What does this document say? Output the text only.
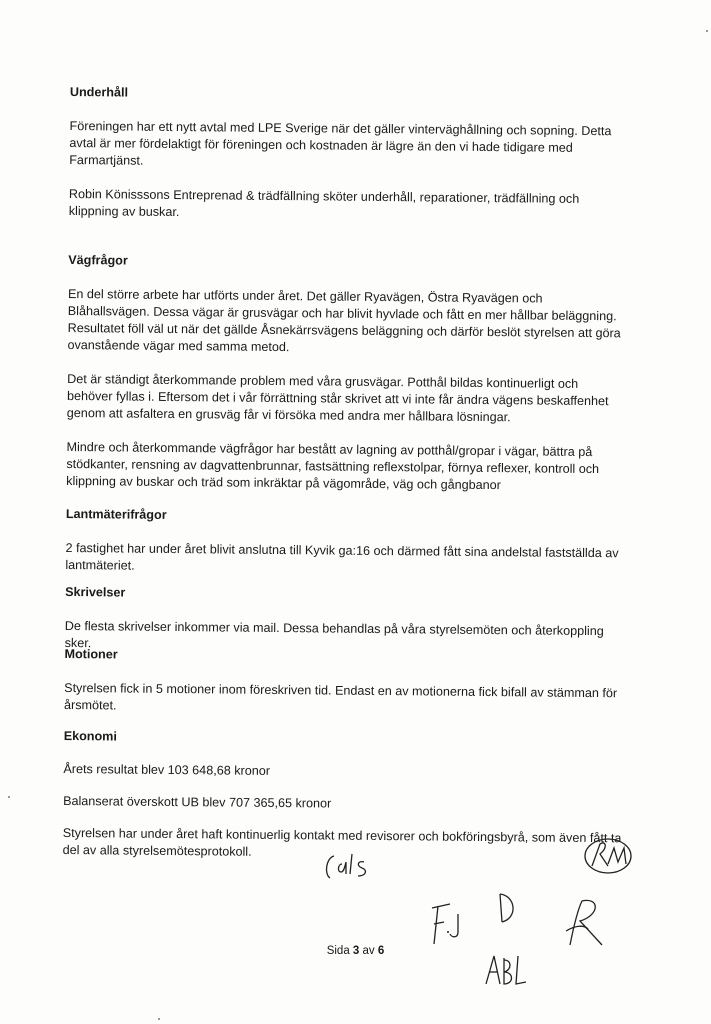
Underhåll

Föreningen har ett nytt avtal med LPE Sverige när det gäller vinterväghållning och sopning. Detta avtal är mer fördelaktigt för föreningen och kostnaden är lägre än den vi hade tidigare med Farmartjänst.

Robin Könisssons Entreprenad & trädfällning sköter underhåll, reparationer, trädfällning och klippning av buskar.

Vägfrågor

En del större arbete har utförts under året. Det gäller Ryavägen, Östra Ryavägen och Blåhallsvägen. Dessa vägar är grusvägar och har blivit hyvlade och fått en mer hållbar beläggning. Resultatet föll väl ut när det gällde Åsnekärrsvägens beläggning och därför beslöt styrelsen att göra ovanstående vägar med samma metod.

Det är ständigt återkommande problem med våra grusvägar. Potthål bildas kontinuerligt och behöver fyllas i. Eftersom det i vår förrättning står skrivet att vi inte får ändra vägens beskaffenhet genom att asfaltera en grusväg får vi försöka med andra mer hållbara lösningar.

Mindre och återkommande vägfrågor har bestått av lagning av potthål/gropar i vägar, bättra på stödkanter, rensning av dagvattenbrunnar, fastsättning reflexstolpar, förnya reflexer, kontroll och klippning av buskar och träd som inkräktar på vägområde, väg och gångbanor

Lantmäterifrågor

2 fastighet har under året blivit anslutna till Kyvik ga:16 och därmed fått sina andelstal fastställda av lantmäteriet.

Skrivelser

De flesta skrivelser inkommer via mail. Dessa behandlas på våra styrelsemöten och återkoppling sker.

Motioner

Styrelsen fick in 5 motioner inom föreskriven tid. Endast en av motionerna fick bifall av stämman för årsmötet.

Ekonomi

Årets resultat blev 103 648,68 kronor

Balanserat överskott UB blev 707 365,65 kronor

Styrelsen har under året haft kontinuerlig kontakt med revisorer och bokföringsbyrå, som även fått ta del av alla styrelsemötesprotokoll.

Sida 3 av 6
